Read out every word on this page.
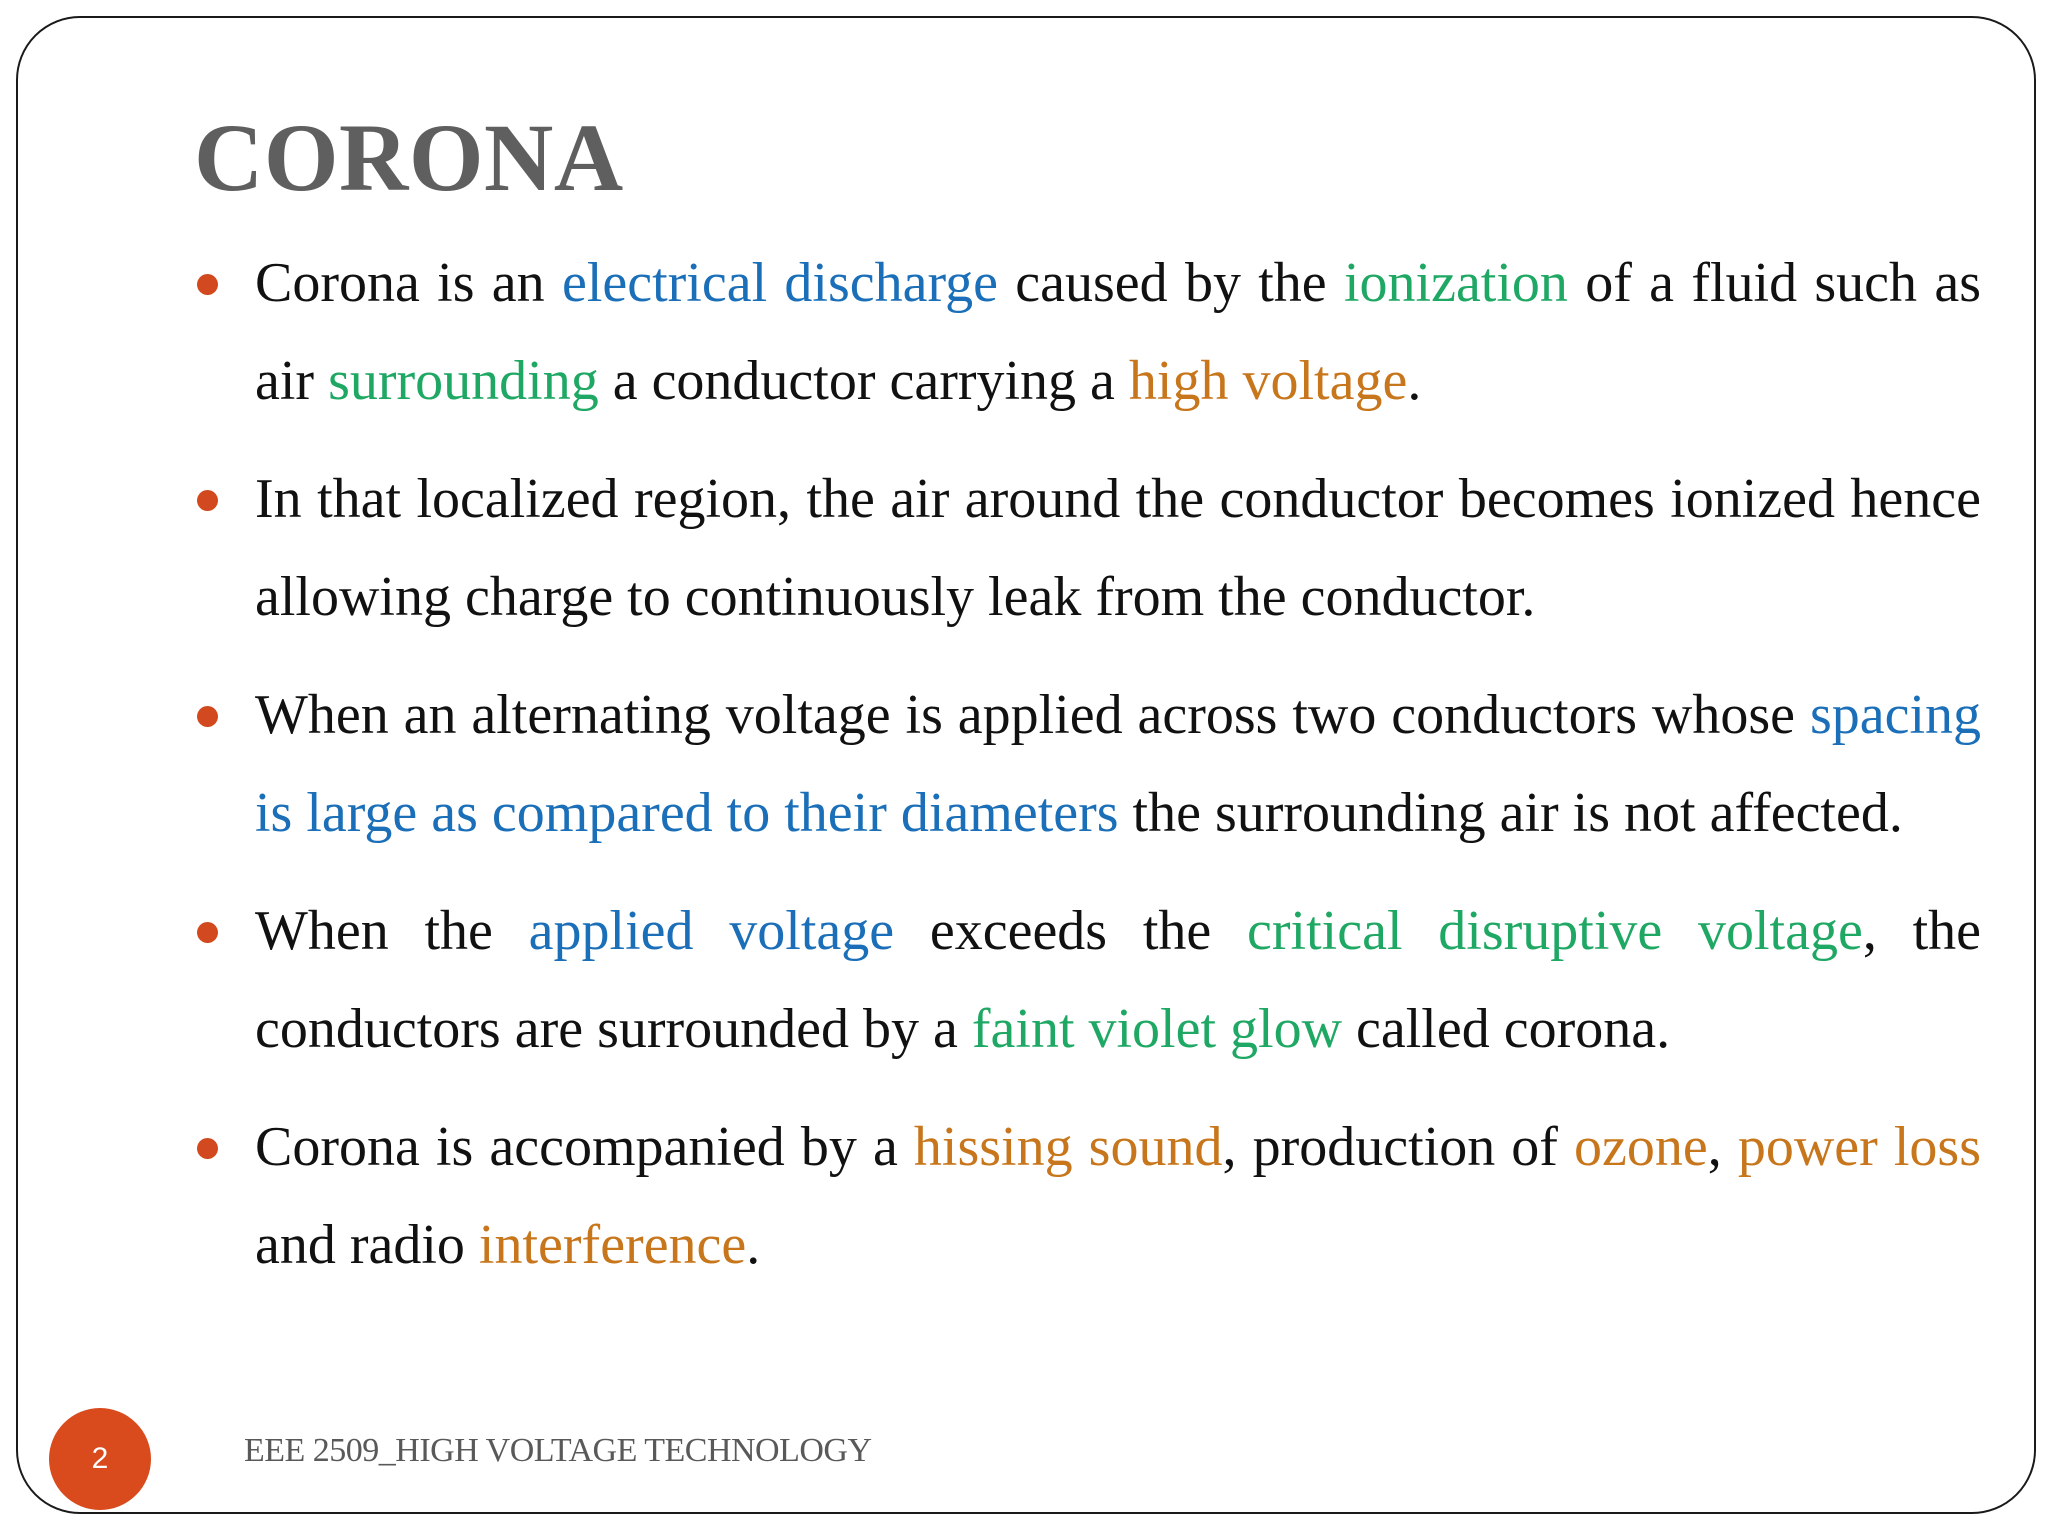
CORONA
Corona is an electrical discharge caused by the ionization of a fluid such as air surrounding a conductor carrying a high voltage.
In that localized region, the air around the conductor becomes ionized hence allowing charge to continuously leak from the conductor.
When an alternating voltage is applied across two conductors whose spacing is large as compared to their diameters the surrounding air is not affected.
When the applied voltage exceeds the critical disruptive voltage, the conductors are surrounded by a faint violet glow called corona.
Corona is accompanied by a hissing sound, production of ozone, power loss and radio interference.
2	EEE 2509_HIGH VOLTAGE TECHNOLOGY
